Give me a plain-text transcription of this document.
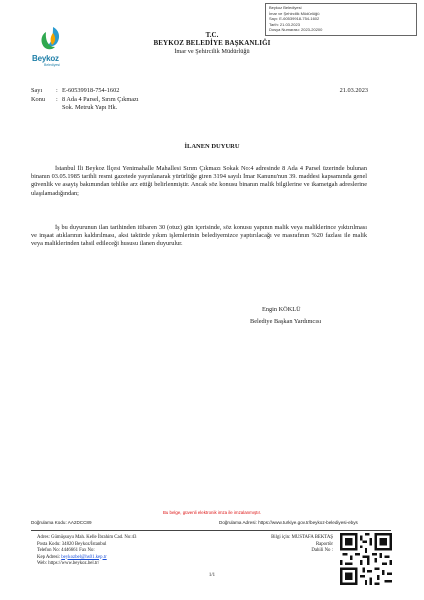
Beykoz Belediyesi
İmar ve Şehircilik Müdürlüğü
Sayı: E-60539918-754-1602
Tarih: 21.03.2023
Dosya Numarası: 2023-20200
Beykoz
Belediyesi
T.C.
BEYKOZ BELEDİYE BAŞKANLIĞI
İmar ve Şehircilik Müdürlüğü
Sayı : E-60539918-754-1602
Konu : 8 Ada 4 Parsel, Sırım Çıkmazı
Sok. Metruk Yapı Hk.
21.03.2023
İLANEN DUYURU
İstanbul İli Beykoz İlçesi Yenimahalle Mahallesi Sırım Çıkmazı Sokak No:4 adresinde 8 Ada 4 Parsel üzerinde bulunan binanın 03.05.1985 tarihli resmi gazetede yayınlanarak yürürlüğe giren 3194 sayılı İmar Kanunu'nun 39. maddesi kapsamında genel güvenlik ve asayiş bakımından tehlike arz ettiği belirlenmiştir. Ancak söz konusu binanın malik bilgilerine ve ikametgah adreslerine ulaşılamadığından;
İş bu duyurunun ilan tarihinden itibaren 30 (otuz) gün içerisinde, söz konusu yapının malik veya maliklerince yıktırılması ve inşaat atıklarının kaldırılması, aksi taktirde yıkım işlemlerinin belediyemizce yaptırılacağı ve masrafının %20 fazlası ile malik veya maliklerinden tahsil edileceği hususu ilanen duyurulur.
Engin KÖKLÜ
Belediye Başkan Yardımcısı
Bu belge, güvenli elektronik imza ile imzalanmıştır.
Doğrulama Kodu: AA2DCC89	Doğrulama Adresi: https://www.turkiye.gov.tr/beykoz-belediyesi-ebys
Adres: Gümüşsuyu Mah. Kelle İbrahim Cad. No:43
Posta Kodu: 34820 Beykoz/İstanbul
Telefon No: 4446661 Fax No:
Kep Adresi: beykozbel@hs01.kep.tr
Web: https://www.beykoz.bel.tr/
Bilgi için: MUSTAFA BEKTAŞ
Raportör
Dahili No :
1/1
